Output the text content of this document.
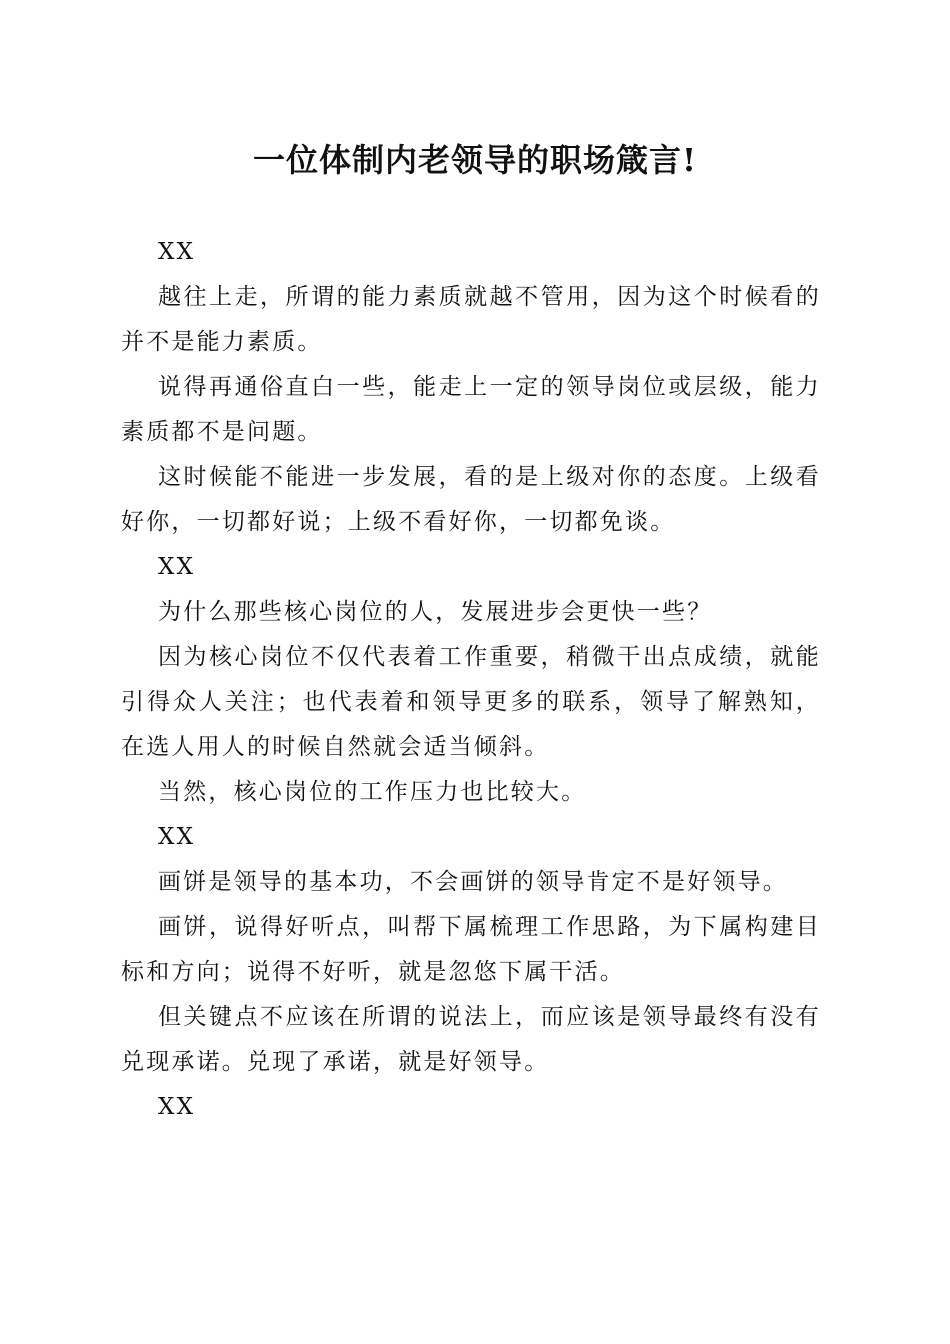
一位体制内老领导的职场箴言!

XX

越往上走，所谓的能力素质就越不管用，因为这个时候看的并不是能力素质。

说得再通俗直白一些，能走上一定的领导岗位或层级，能力素质都不是问题。

这时候能不能进一步发展，看的是上级对你的态度。上级看好你，一切都好说；上级不看好你，一切都免谈。

XX

为什么那些核心岗位的人，发展进步会更快一些？

因为核心岗位不仅代表着工作重要，稍微干出点成绩，就能引得众人关注；也代表着和领导更多的联系，领导了解熟知，在选人用人的时候自然就会适当倾斜。

当然，核心岗位的工作压力也比较大。

XX

画饼是领导的基本功，不会画饼的领导肯定不是好领导。

画饼，说得好听点，叫帮下属梳理工作思路，为下属构建目标和方向；说得不好听，就是忽悠下属干活。

但关键点不应该在所谓的说法上，而应该是领导最终有没有兑现承诺。兑现了承诺，就是好领导。

XX
